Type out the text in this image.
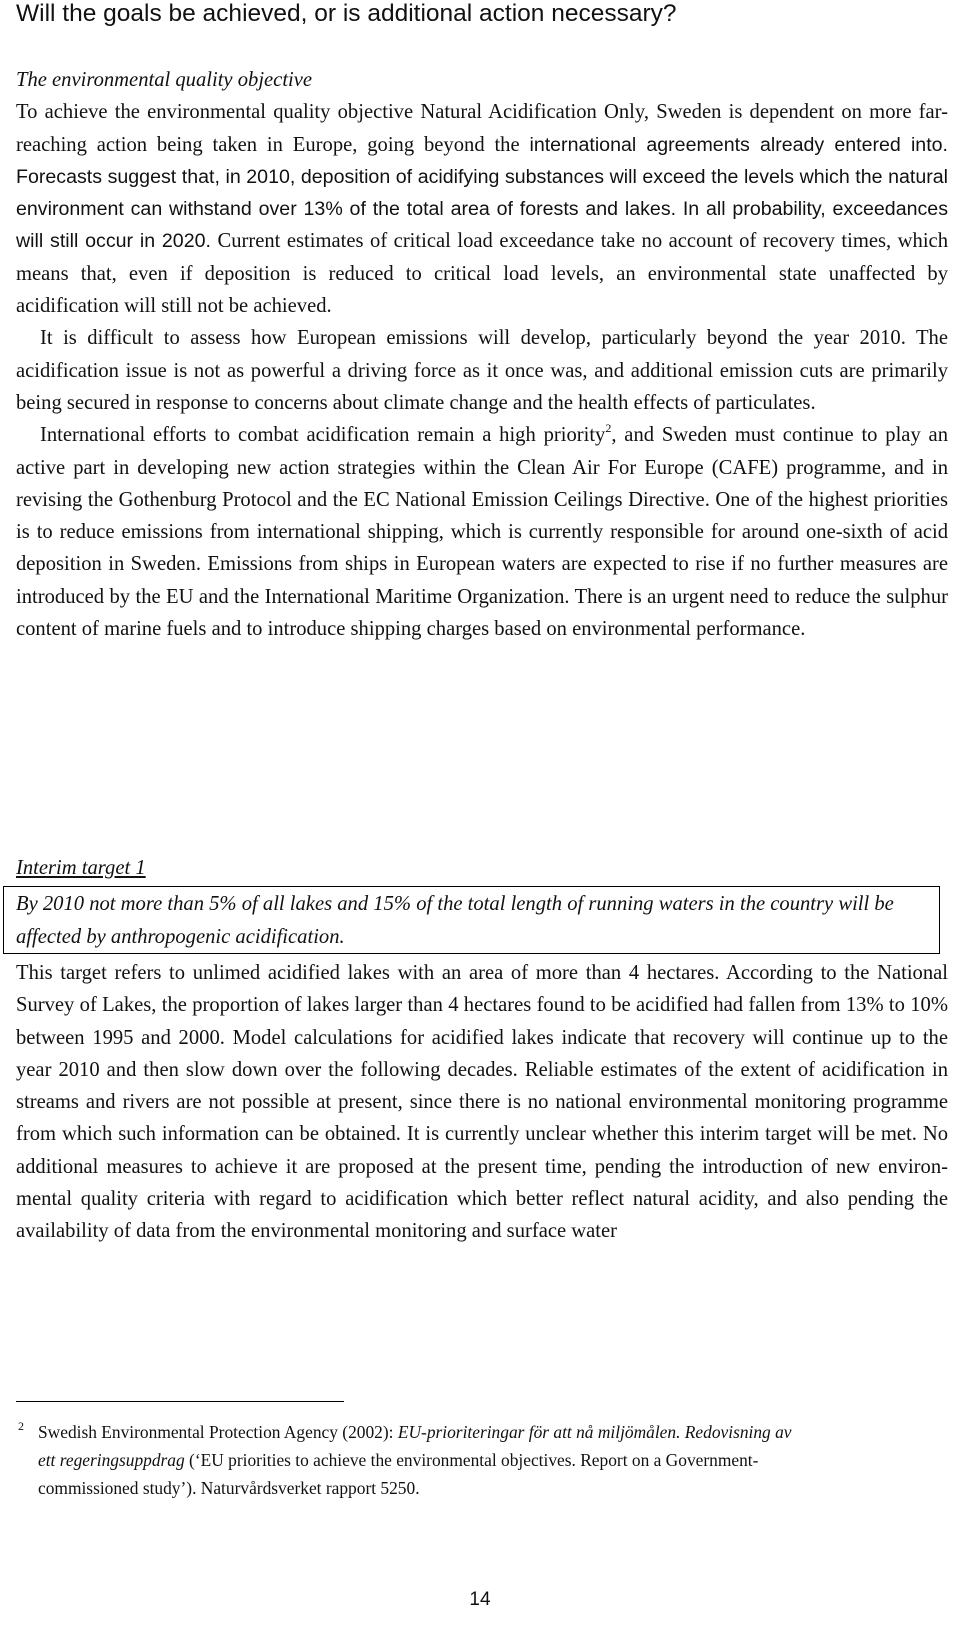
Will the goals be achieved, or is additional action necessary?
The environmental quality objective
To achieve the environmental quality objective Natural Acidification Only, Sweden is dependent on more far-reaching action being taken in Europe, going beyond the international agreements already entered into. Forecasts suggest that, in 2010, deposition of acidifying substances will exceed the levels which the natural environment can withstand over 13% of the total area of forests and lakes. In all probability, exceedances will still occur in 2020. Current estimates of critical load exceedance take no account of recovery times, which means that, even if deposition is reduced to critical load levels, an environmental state unaffected by acidification will still not be achieved.
It is difficult to assess how European emissions will develop, particularly beyond the year 2010. The acidification issue is not as powerful a driving force as it once was, and additional emission cuts are primarily being secured in response to concerns about climate change and the health effects of particulates.
International efforts to combat acidification remain a high priority$^2$, and Sweden must continue to play an active part in developing new action strategies within the Clean Air For Europe (CAFE) programme, and in revising the Gothenburg Protocol and the EC National Emission Ceilings Directive. One of the highest priorities is to reduce emissions from international shipping, which is currently responsible for around one-sixth of acid deposition in Sweden. Emissions from ships in European waters are expected to rise if no further measures are introduced by the EU and the International Maritime Organization. There is an urgent need to reduce the sulphur content of marine fuels and to introduce shipping charges based on environmental performance.

Interim target 1

By 2010 not more than 5% of all lakes and 15% of the total length of running waters in the country will be affected by anthropogenic acidification.

This target refers to unlimed acidified lakes with an area of more than 4 hectares. According to the National Survey of Lakes, the proportion of lakes larger than 4 hectares found to be acidified had fallen from 13% to 10% between 1995 and 2000. Model calculations for acidified lakes indicate that recovery will continue up to the year 2010 and then slow down over the following decades. Reliable estimates of the extent of acidification in streams and rivers are not possible at present, since there is no national environmental monitoring programme from which such information can be obtained. It is currently unclear whether this interim target will be met. No additional measures to achieve it are proposed at the present time, pending the introduction of new environ-mental quality criteria with regard to acidification which better reflect natural acidity, and also pending the availability of data from the environmental monitoring and surface water

2 Swedish Environmental Protection Agency (2002): EU-prioriteringar för att nå miljömålen. Redovisning av
ett regeringsuppdrag (‘EU priorities to achieve the environmental objectives. Report on a Government-
commissioned study’). Naturvårdsverket rapport 5250.

14
